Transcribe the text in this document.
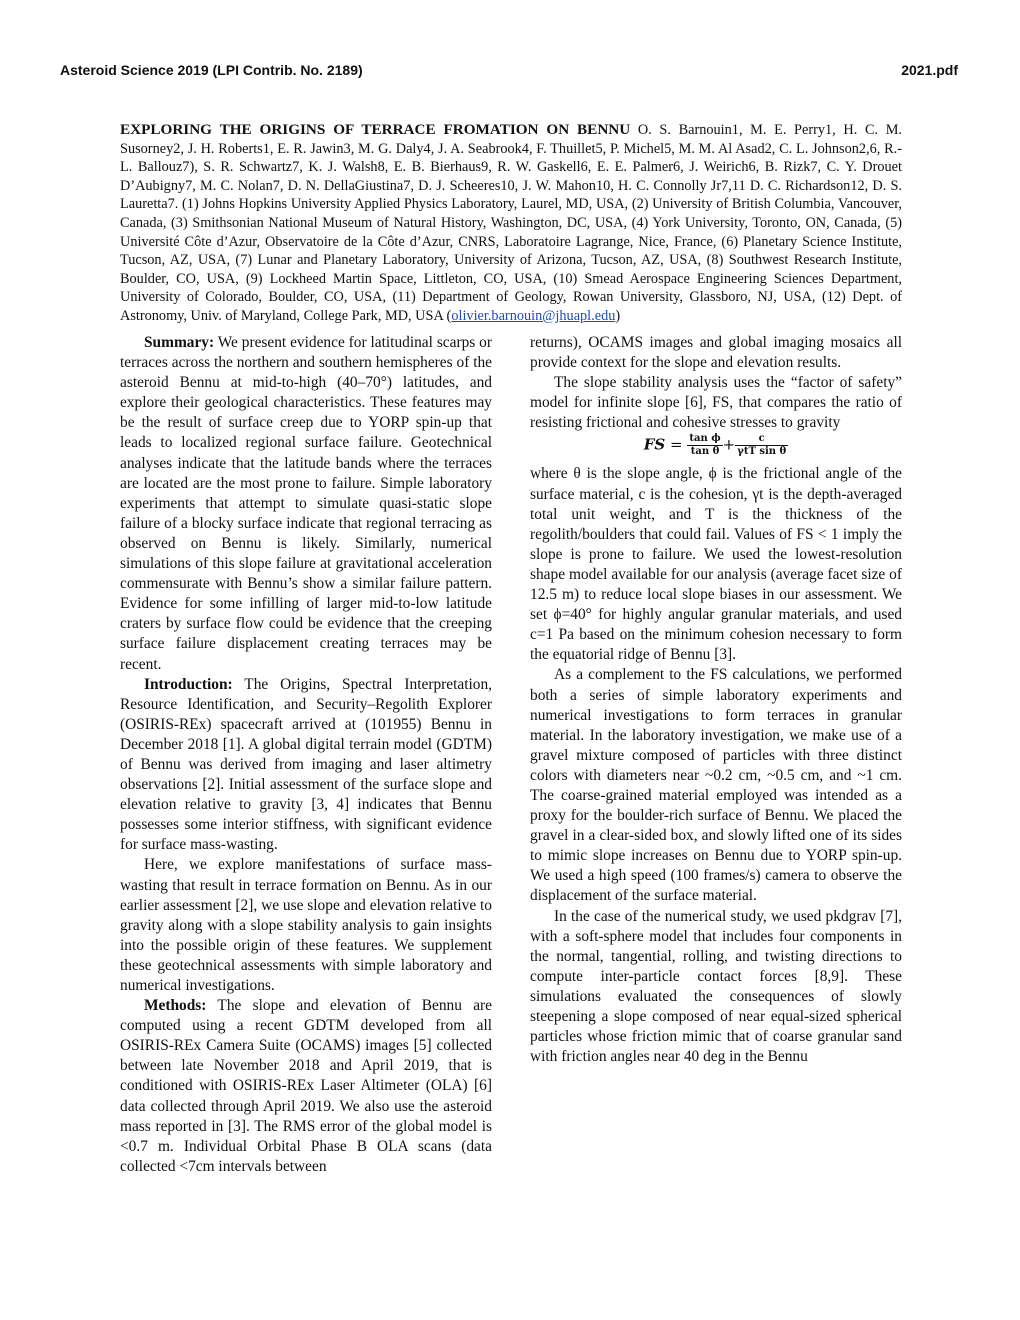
Asteroid Science 2019 (LPI Contrib. No. 2189)	2021.pdf
EXPLORING THE ORIGINS OF TERRACE FROMATION ON BENNU O. S. Barnouin1, M. E. Perry1, H. C. M. Susorney2, J. H. Roberts1, E. R. Jawin3, M. G. Daly4, J. A. Seabrook4, F. Thuillet5, P. Michel5, M. M. Al Asad2, C. L. Johnson2,6, R.-L. Ballouz7), S. R. Schwartz7, K. J. Walsh8, E. B. Bierhaus9, R. W. Gaskell6, E. E. Palmer6, J. Weirich6, B. Rizk7, C. Y. Drouet D’Aubigny7, M. C. Nolan7, D. N. DellaGiustina7, D. J. Scheeres10, J. W. Mahon10, H. C. Connolly Jr7,11 D. C. Richardson12, D. S. Lauretta7. (1) Johns Hopkins University Applied Physics Laboratory, Laurel, MD, USA, (2) University of British Columbia, Vancouver, Canada, (3) Smithsonian National Museum of Natural History, Washington, DC, USA, (4) York University, Toronto, ON, Canada, (5) Université Côte d’Azur, Observatoire de la Côte d’Azur, CNRS, Laboratoire Lagrange, Nice, France, (6) Planetary Science Institute, Tucson, AZ, USA, (7) Lunar and Planetary Laboratory, University of Arizona, Tucson, AZ, USA, (8) Southwest Research Institute, Boulder, CO, USA, (9) Lockheed Martin Space, Littleton, CO, USA, (10) Smead Aerospace Engineering Sciences Department, University of Colorado, Boulder, CO, USA, (11) Department of Geology, Rowan University, Glassboro, NJ, USA, (12) Dept. of Astronomy, Univ. of Maryland, College Park, MD, USA (olivier.barnouin@jhuapl.edu)

Summary: We present evidence for latitudinal scarps or terraces across the northern and southern hemispheres of the asteroid Bennu at mid-to-high (40–70°) latitudes, and explore their geological characteristics. These features may be the result of surface creep due to YORP spin-up that leads to localized regional surface failure. Geotechnical analyses indicate that the latitude bands where the terraces are located are the most prone to failure. Simple laboratory experiments that attempt to simulate quasi-static slope failure of a blocky surface indicate that regional terracing as observed on Bennu is likely. Similarly, numerical simulations of this slope failure at gravitational acceleration commensurate with Bennu’s show a similar failure pattern. Evidence for some infilling of larger mid-to-low latitude craters by surface flow could be evidence that the creeping surface failure displacement creating terraces may be recent.

Introduction: The Origins, Spectral Interpretation, Resource Identification, and Security–Regolith Explorer (OSIRIS-REx) spacecraft arrived at (101955) Bennu in December 2018 [1]. A global digital terrain model (GDTM) of Bennu was derived from imaging and laser altimetry observations [2]. Initial assessment of the surface slope and elevation relative to gravity [3, 4] indicates that Bennu possesses some interior stiffness, with significant evidence for surface mass-wasting.

Here, we explore manifestations of surface mass-wasting that result in terrace formation on Bennu. As in our earlier assessment [2], we use slope and elevation relative to gravity along with a slope stability analysis to gain insights into the possible origin of these features. We supplement these geotechnical assessments with simple laboratory and numerical investigations.

Methods: The slope and elevation of Bennu are computed using a recent GDTM developed from all OSIRIS-REx Camera Suite (OCAMS) images [5] collected between late November 2018 and April 2019, that is conditioned with OSIRIS-REx Laser Altimeter (OLA) [6] data collected through April 2019. We also use the asteroid mass reported in [3]. The RMS error of the global model is <0.7 m. Individual Orbital Phase B OLA scans (data collected <7cm intervals between

returns), OCAMS images and global imaging mosaics all provide context for the slope and elevation results.

The slope stability analysis uses the “factor of safety” model for infinite slope [6], FS, that compares the ratio of resisting frictional and cohesive stresses to gravity

FS = $\frac{\text{tan ϕ}}{\text{tan θ}} + \frac{c}{\text{γtT sin θ}}$

where θ is the slope angle, ϕ is the frictional angle of the surface material, c is the cohesion, γt is the depth-averaged total unit weight, and T is the thickness of the regolith/boulders that could fail. Values of FS < 1 imply the slope is prone to failure. We used the lowest-resolution shape model available for our analysis (average facet size of 12.5 m) to reduce local slope biases in our assessment. We set ϕ=40° for highly angular granular materials, and used c=1 Pa based on the minimum cohesion necessary to form the equatorial ridge of Bennu [3].

As a complement to the FS calculations, we performed both a series of simple laboratory experiments and numerical investigations to form terraces in granular material. In the laboratory investigation, we make use of a gravel mixture composed of particles with three distinct colors with diameters near ~0.2 cm, ~0.5 cm, and ~1 cm. The coarse-grained material employed was intended as a proxy for the boulder-rich surface of Bennu. We placed the gravel in a clear-sided box, and slowly lifted one of its sides to mimic slope increases on Bennu due to YORP spin-up. We used a high speed (100 frames/s) camera to observe the displacement of the surface material.

In the case of the numerical study, we used pkdgrav [7], with a soft-sphere model that includes four components in the normal, tangential, rolling, and twisting directions to compute inter-particle contact forces [8,9]. These simulations evaluated the consequences of slowly steepening a slope composed of near equal-sized spherical particles whose friction mimic that of coarse granular sand with friction angles near 40 deg in the Bennu
